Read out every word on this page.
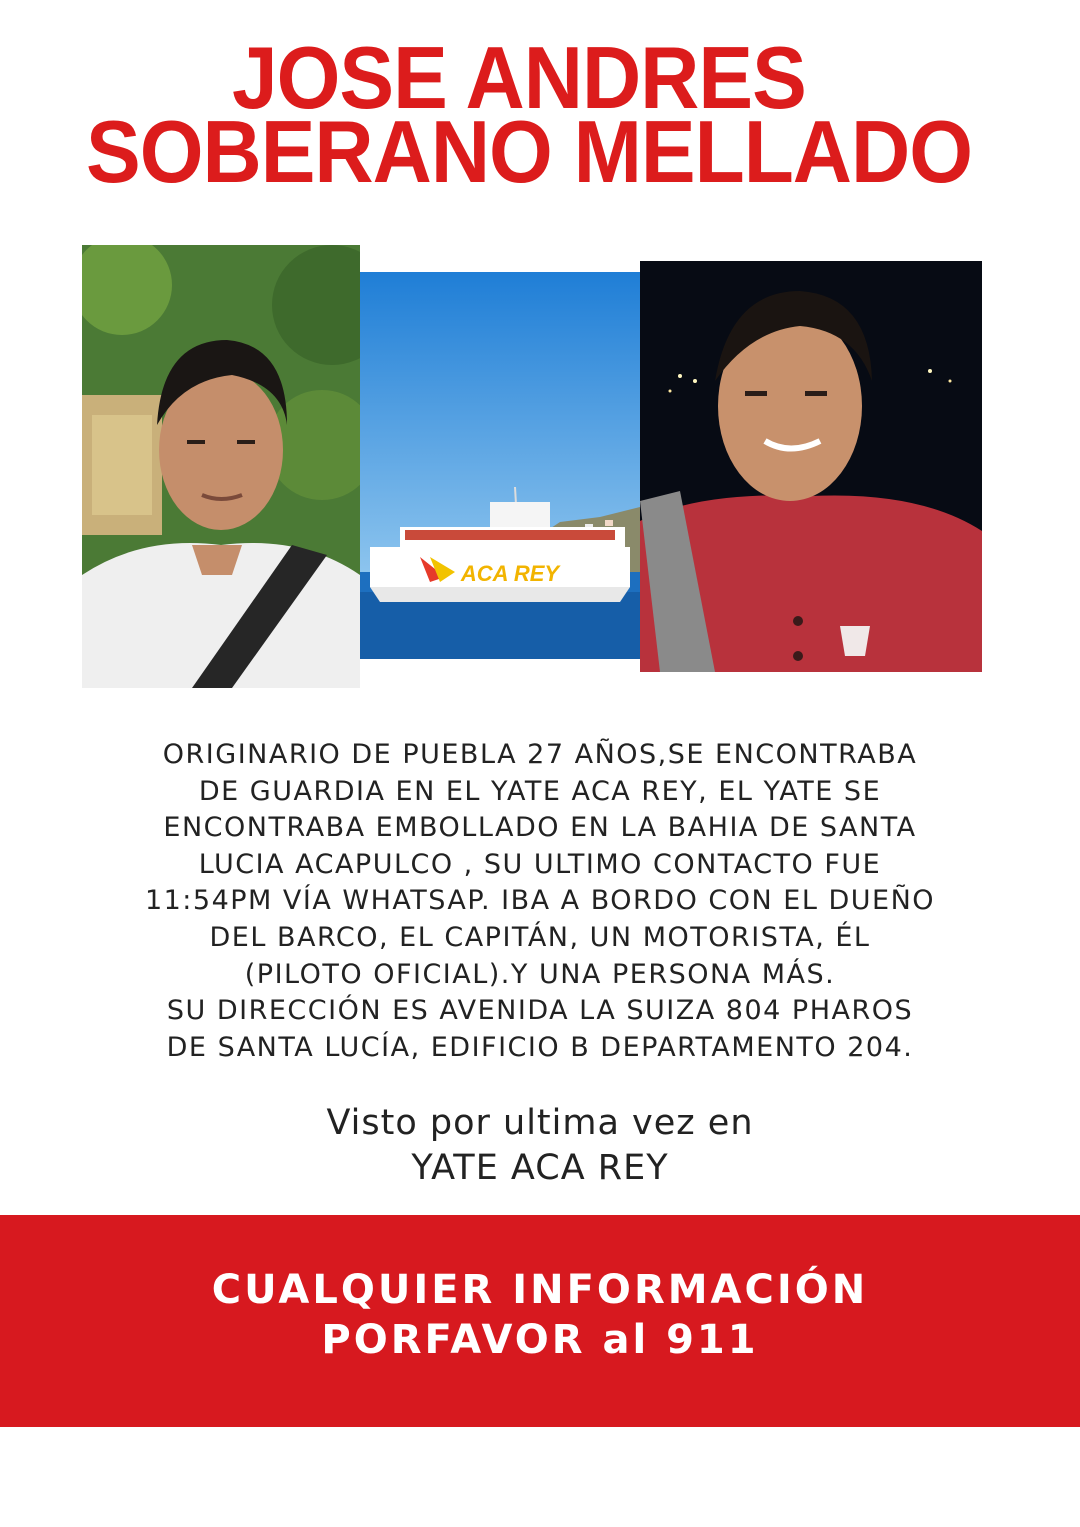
JOSE ANDRES
SOBERANO MELLADO
ACA REY
ORIGINARIO DE PUEBLA 27 AÑOS,SE ENCONTRABA
DE GUARDIA EN EL YATE ACA REY, EL YATE SE
ENCONTRABA EMBOLLADO EN LA BAHIA DE SANTA
LUCIA ACAPULCO , SU ULTIMO CONTACTO FUE
11:54PM VÍA WHATSAP. IBA A BORDO CON EL DUEÑO
DEL BARCO, EL CAPITÁN, UN MOTORISTA, ÉL
(PILOTO OFICIAL).Y UNA PERSONA MÁS.
SU DIRECCIÓN ES AVENIDA LA SUIZA 804 PHAROS
DE SANTA LUCÍA, EDIFICIO B DEPARTAMENTO 204.
Visto por ultima vez en
YATE ACA REY
CUALQUIER INFORMACIÓN
PORFAVOR al 911
